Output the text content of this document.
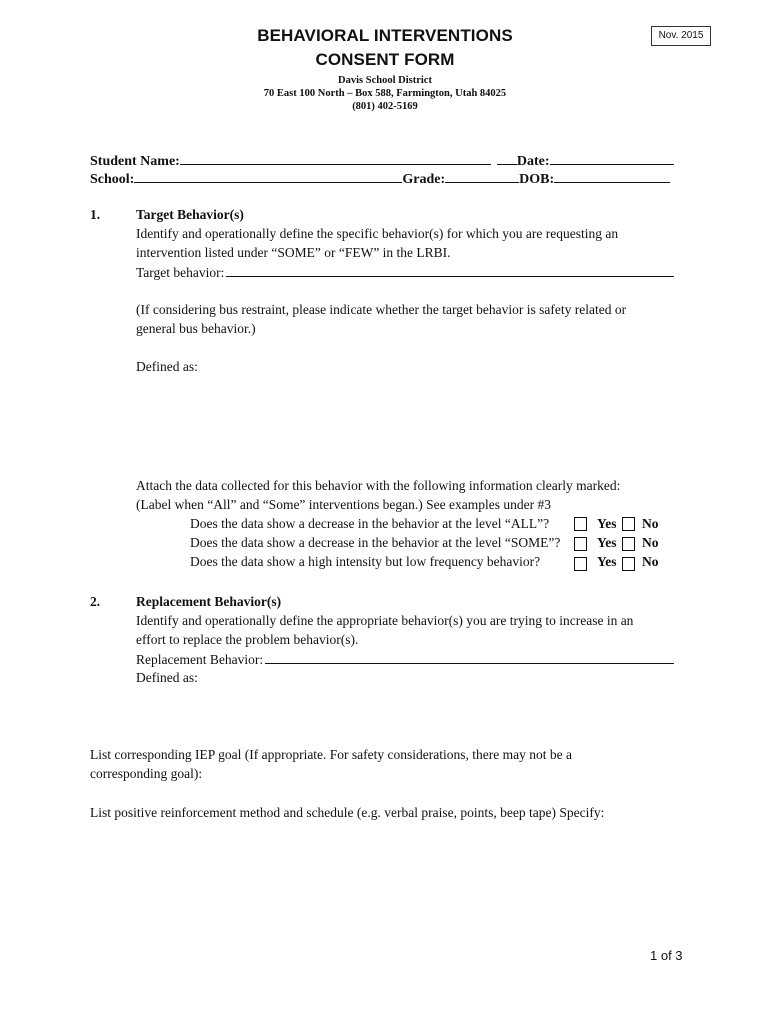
BEHAVIORAL INTERVENTIONS
CONSENT FORM
Nov. 2015
Davis School District
70 East 100 North – Box 588, Farmington, Utah 84025
(801) 402-5169
Student Name:	Date:
School:	Grade:	DOB:
1.	Target Behavior(s)
Identify and operationally define the specific behavior(s) for which you are requesting an
intervention listed under “SOME” or “FEW” in the LRBI.
Target behavior:
(If considering bus restraint, please indicate whether the target behavior is safety related or
general bus behavior.)
Defined as:
Attach the data collected for this behavior with the following information clearly marked:
(Label when “All” and “Some” interventions began.) See examples under #3
Does the data show a decrease in the behavior at the level “ALL”?	Yes No
Does the data show a decrease in the behavior at the level “SOME”?	Yes No
Does the data show a high intensity but low frequency behavior?	Yes No
2.	Replacement Behavior(s)
Identify and operationally define the appropriate behavior(s) you are trying to increase in an
effort to replace the problem behavior(s).
Replacement Behavior:
Defined as:
List corresponding IEP goal (If appropriate. For safety considerations, there may not be a
corresponding goal):
List positive reinforcement method and schedule (e.g. verbal praise, points, beep tape) Specify:
1 of 3
